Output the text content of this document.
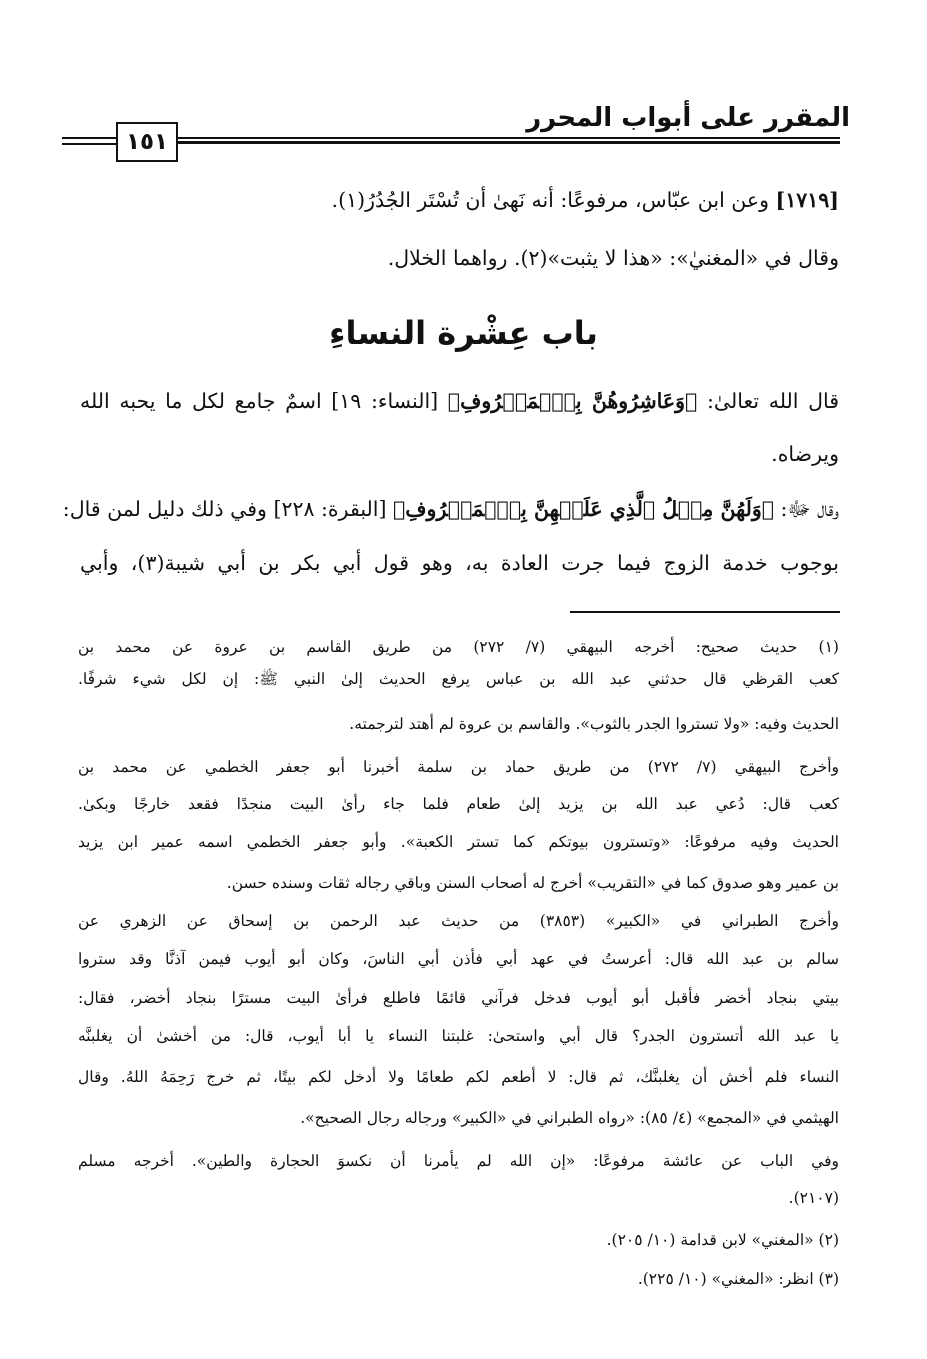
المقرر على أبواب المحرر
١٥١
[١٧١٩] وعن ابن عبّاس، مرفوعًا: أنه نَهىٰ أن تُسْتَر الجُدُرُ(١).
وقال في «المغنيٰ»: «هذا لا يثبت»(٢). رواهما الخلال.
باب عِشْرة النساءِ
قال الله تعالىٰ: ﴿وَعَاشِرُوهُنَّ بِٱلۡمَعۡرُوفِ﴾ [النساء: ١٩] اسمٌ جامع لكل ما يحبه الله
ويرضاه.
وقال ﷻ: ﴿وَلَهُنَّ مِثۡلُ ٱلَّذِي عَلَيۡهِنَّ بِٱلۡمَعۡرُوفِ﴾ [البقرة: ٢٢٨] وفي ذلك دليل لمن قال:
بوجوب خدمة الزوج فيما جرت العادة به، وهو قول أبي بكر بن أبي شيبة(٣)، وأبي
(١) حديث صحيح: أخرجه البيهقي (٧/ ٢٧٢) من طريق القاسم بن عروة عن محمد بن
كعب القرظي قال حدثني عبد الله بن عباس يرفع الحديث إلىٰ النبي ﷺ: إن لكل شيء شرفًا.
الحديث وفيه: «ولا تستروا الجدر بالثوب». والقاسم بن عروة لم أهتد لترجمته.
وأخرج البيهقي (٧/ ٢٧٢) من طريق حماد بن سلمة أخبرنا أبو جعفر الخطمي عن محمد بن
كعب قال: دُعي عبد الله بن يزيد إلىٰ طعام فلما جاء رأىٰ البيت منجدًا فقعد خارجًا وبكىٰ.
الحديث وفيه مرفوعًا: «وتسترون بيوتكم كما تستر الكعبة». وأبو جعفر الخطمي اسمه عمير ابن يزيد
بن عمير وهو صدوق كما في «التقريب» أخرج له أصحاب السنن وباقي رجاله ثقات وسنده حسن.
وأخرج الطبراني في «الكبير» (٣٨٥٣) من حديث عبد الرحمن بن إسحاق عن الزهري عن
سالم بن عبد الله قال: أعرستُ في عهد أبي فأذن أبي الناسَ، وكان أبو أيوب فيمن آذنَّا وقد ستروا
بيتي بنجاد أخضر فأقبل أبو أيوب فدخل فرآني قائمًا فاطلع فرأىٰ البيت مسترًا بنجاد أخضر، فقال:
يا عبد الله أتسترون الجدر؟ قال أبي واستحىٰ: غلبتنا النساء يا أبا أيوب، قال: من أخشىٰ أن يغلبنَّه
النساء فلم أخش أن يغلبنَّك، ثم قال: لا أطعم لكم طعامًا ولا أدخل لكم بيتًا، ثم خرج رَحِمَهُ اللهُ. وقال
الهيثمي في «المجمع» (٤/ ٨٥): «رواه الطبراني في «الكبير» ورجاله رجال الصحيح».
وفي الباب عن عائشة مرفوعًا: «إن الله لم يأمرنا أن نكسوَ الحجارة والطين». أخرجه مسلم
(٢١٠٧).
(٢) «المغني» لابن قدامة (١٠/ ٢٠٥).
(٣) انظر: «المغني» (١٠/ ٢٢٥).
